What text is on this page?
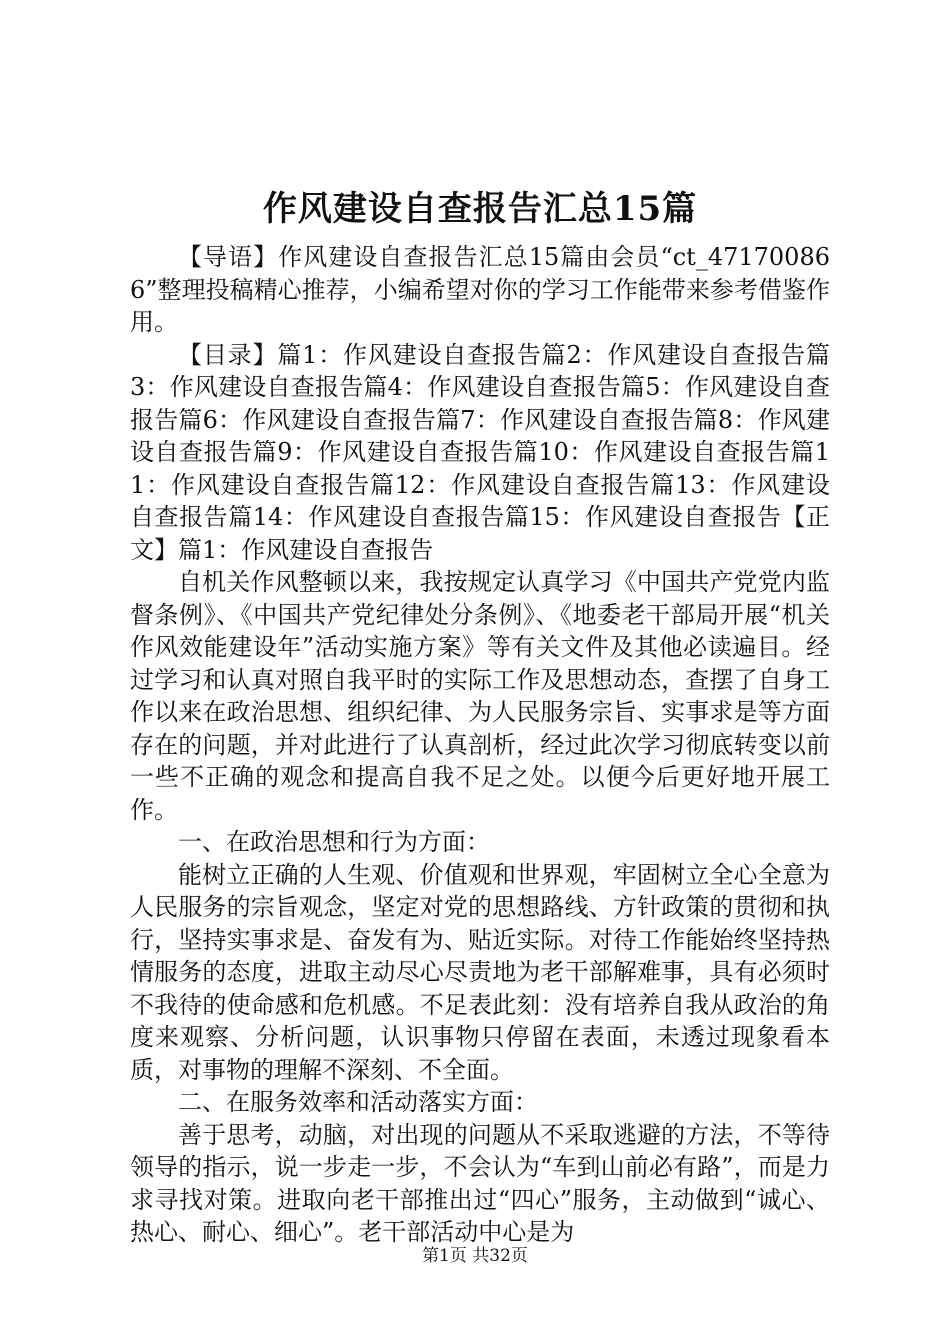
作风建设自查报告汇总15篇

【导语】作风建设自查报告汇总15篇由会员“ct_471700866”整理投稿精心推荐，小编希望对你的学习工作能带来参考借鉴作用。

【目录】篇1：作风建设自查报告篇2：作风建设自查报告篇3：作风建设自查报告篇4：作风建设自查报告篇5：作风建设自查报告篇6：作风建设自查报告篇7：作风建设自查报告篇8：作风建设自查报告篇9：作风建设自查报告篇10：作风建设自查报告篇11：作风建设自查报告篇12：作风建设自查报告篇13：作风建设自查报告篇14：作风建设自查报告篇15：作风建设自查报告【正文】篇1：作风建设自查报告

自机关作风整顿以来，我按规定认真学习《中国共产党党内监督条例》、《中国共产党纪律处分条例》、《地委老干部局开展“机关作风效能建设年”活动实施方案》等有关文件及其他必读遍目。经过学习和认真对照自我平时的实际工作及思想动态，查摆了自身工作以来在政治思想、组织纪律、为人民服务宗旨、实事求是等方面存在的问题，并对此进行了认真剖析，经过此次学习彻底转变以前一些不正确的观念和提高自我不足之处。以便今后更好地开展工作。

一、在政治思想和行为方面：

能树立正确的人生观、价值观和世界观，牢固树立全心全意为人民服务的宗旨观念，坚定对党的思想路线、方针政策的贯彻和执行，坚持实事求是、奋发有为、贴近实际。对待工作能始终坚持热情服务的态度，进取主动尽心尽责地为老干部解难事，具有必须时不我待的使命感和危机感。不足表此刻：没有培养自我从政治的角度来观察、分析问题，认识事物只停留在表面，未透过现象看本质，对事物的理解不深刻、不全面。

二、在服务效率和活动落实方面：

善于思考，动脑，对出现的问题从不采取逃避的方法，不等待领导的指示，说一步走一步，不会认为“车到山前必有路”，而是力求寻找对策。进取向老干部推出过“四心”服务，主动做到“诚心、热心、耐心、细心”。老干部活动中心是为

第1页 共32页
